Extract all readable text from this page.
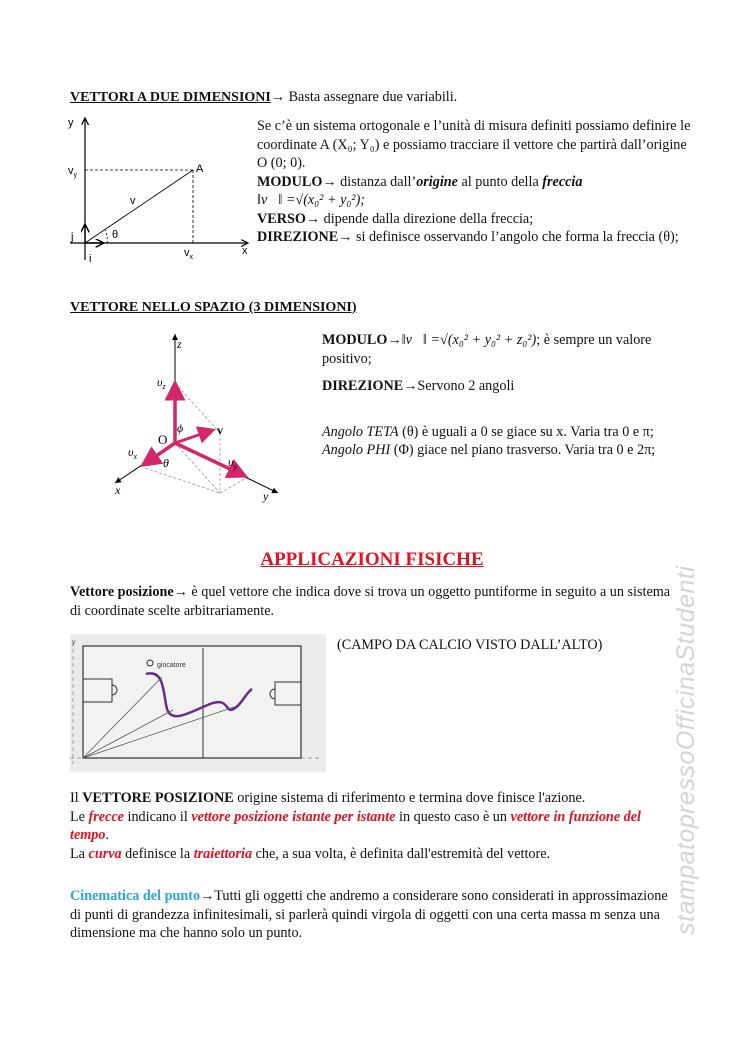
VETTORI A DUE DIMENSIONI→ Basta assegnare due variabili.
y
x
$v_y$
$v_x$
A
v
θ
j
i
Se c’è un sistema ortogonale e l’unità di misura definiti possiamo definire le coordinate A (X₀; Y₀) e possiamo tracciare il vettore che partirà dall’origine O (0; 0).
MODULO→ distanza dall’origine al punto della freccia
‖v⃗‖ =√(x₀² + y₀²);
VERSO→ dipende dalla direzione della freccia;
DIREZIONE→ si definisce osservando l’angolo che forma la freccia (θ);
VETTORE NELLO SPAZIO (3 DIMENSIONI)
z
x	y
$\upsilon_z$
$\upsilon_x$	$\upsilon_y$
v
O
ϕ
θ
MODULO→‖v⃗‖ =√(x₀² + y₀² + z₀²); è sempre un valore positivo;
DIREZIONE→Servono 2 angoli
Angolo TETA (θ) è uguali a 0 se giace su x. Varia tra 0 e π;
Angolo PHI (Φ) giace nel piano trasverso. Varia tra 0 e 2π;
APPLICAZIONI FISICHE
Vettore posizione→ è quel vettore che indica dove si trova un oggetto puntiforme in seguito a un sistema di coordinate scelte arbitrariamente.
giocatore
y	(CAMPO DA CALCIO VISTO DALL’ALTO)
Il VETTORE POSIZIONE origine sistema di riferimento e termina dove finisce l'azione.
Le frecce indicano il vettore posizione istante per istante in questo caso è un vettore in funzione del tempo.
La curva definisce la traiettoria che, a sua volta, è definita dall'estremità del vettore.
Cinematica del punto→Tutti gli oggetti che andremo a considerare sono considerati in approssimazione di punti di grandezza infinitesimali, si parlerà quindi virgola di oggetti con una certa massa m senza una dimensione ma che hanno solo un punto.	stampatopressoOfficinaStudenti
